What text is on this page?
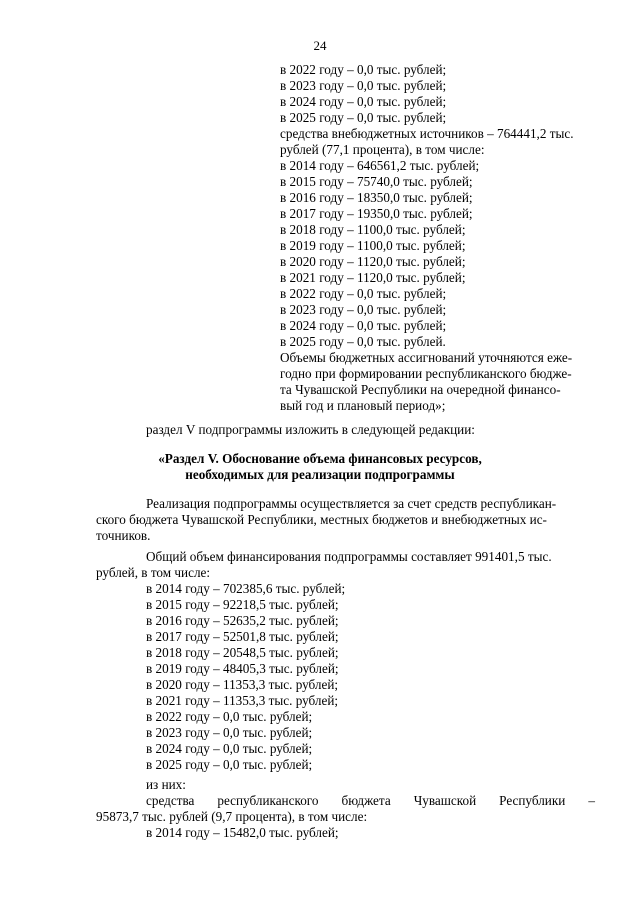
24
в 2022 году – 0,0 тыс. рублей;
в 2023 году – 0,0 тыс. рублей;
в 2024 году – 0,0 тыс. рублей;
в 2025 году – 0,0 тыс. рублей;
средства внебюджетных источников – 764441,2 тыс.
рублей (77,1 процента), в том числе:
в 2014 году – 646561,2 тыс. рублей;
в 2015 году – 75740,0 тыс. рублей;
в 2016 году – 18350,0 тыс. рублей;
в 2017 году – 19350,0 тыс. рублей;
в 2018 году – 1100,0 тыс. рублей;
в 2019 году – 1100,0 тыс. рублей;
в 2020 году – 1120,0 тыс. рублей;
в 2021 году – 1120,0 тыс. рублей;
в 2022 году – 0,0 тыс. рублей;
в 2023 году – 0,0 тыс. рублей;
в 2024 году – 0,0 тыс. рублей;
в 2025 году – 0,0 тыс. рублей.
Объемы бюджетных ассигнований уточняются еже-
годно при формировании республиканского бюдже-
та Чувашской Республики на очередной финансо-
вый год и плановый период»;
раздел V подпрограммы изложить в следующей редакции:
«Раздел V. Обоснование объема финансовых ресурсов,
необходимых для реализации подпрограммы
Реализация подпрограммы осуществляется за счет средств республикан-
ского бюджета Чувашской Республики, местных бюджетов и внебюджетных ис-
точников.
Общий объем финансирования подпрограммы составляет 991401,5 тыс.
рублей, в том числе:
в 2014 году – 702385,6 тыс. рублей;
в 2015 году – 92218,5 тыс. рублей;
в 2016 году – 52635,2 тыс. рублей;
в 2017 году – 52501,8 тыс. рублей;
в 2018 году – 20548,5 тыс. рублей;
в 2019 году – 48405,3 тыс. рублей;
в 2020 году – 11353,3 тыс. рублей;
в 2021 году – 11353,3 тыс. рублей;
в 2022 году – 0,0 тыс. рублей;
в 2023 году – 0,0 тыс. рублей;
в 2024 году – 0,0 тыс. рублей;
в 2025 году – 0,0 тыс. рублей;
из них:
средства республиканского бюджета Чувашской Республики –
95873,7 тыс. рублей (9,7 процента), в том числе:
в 2014 году – 15482,0 тыс. рублей;
